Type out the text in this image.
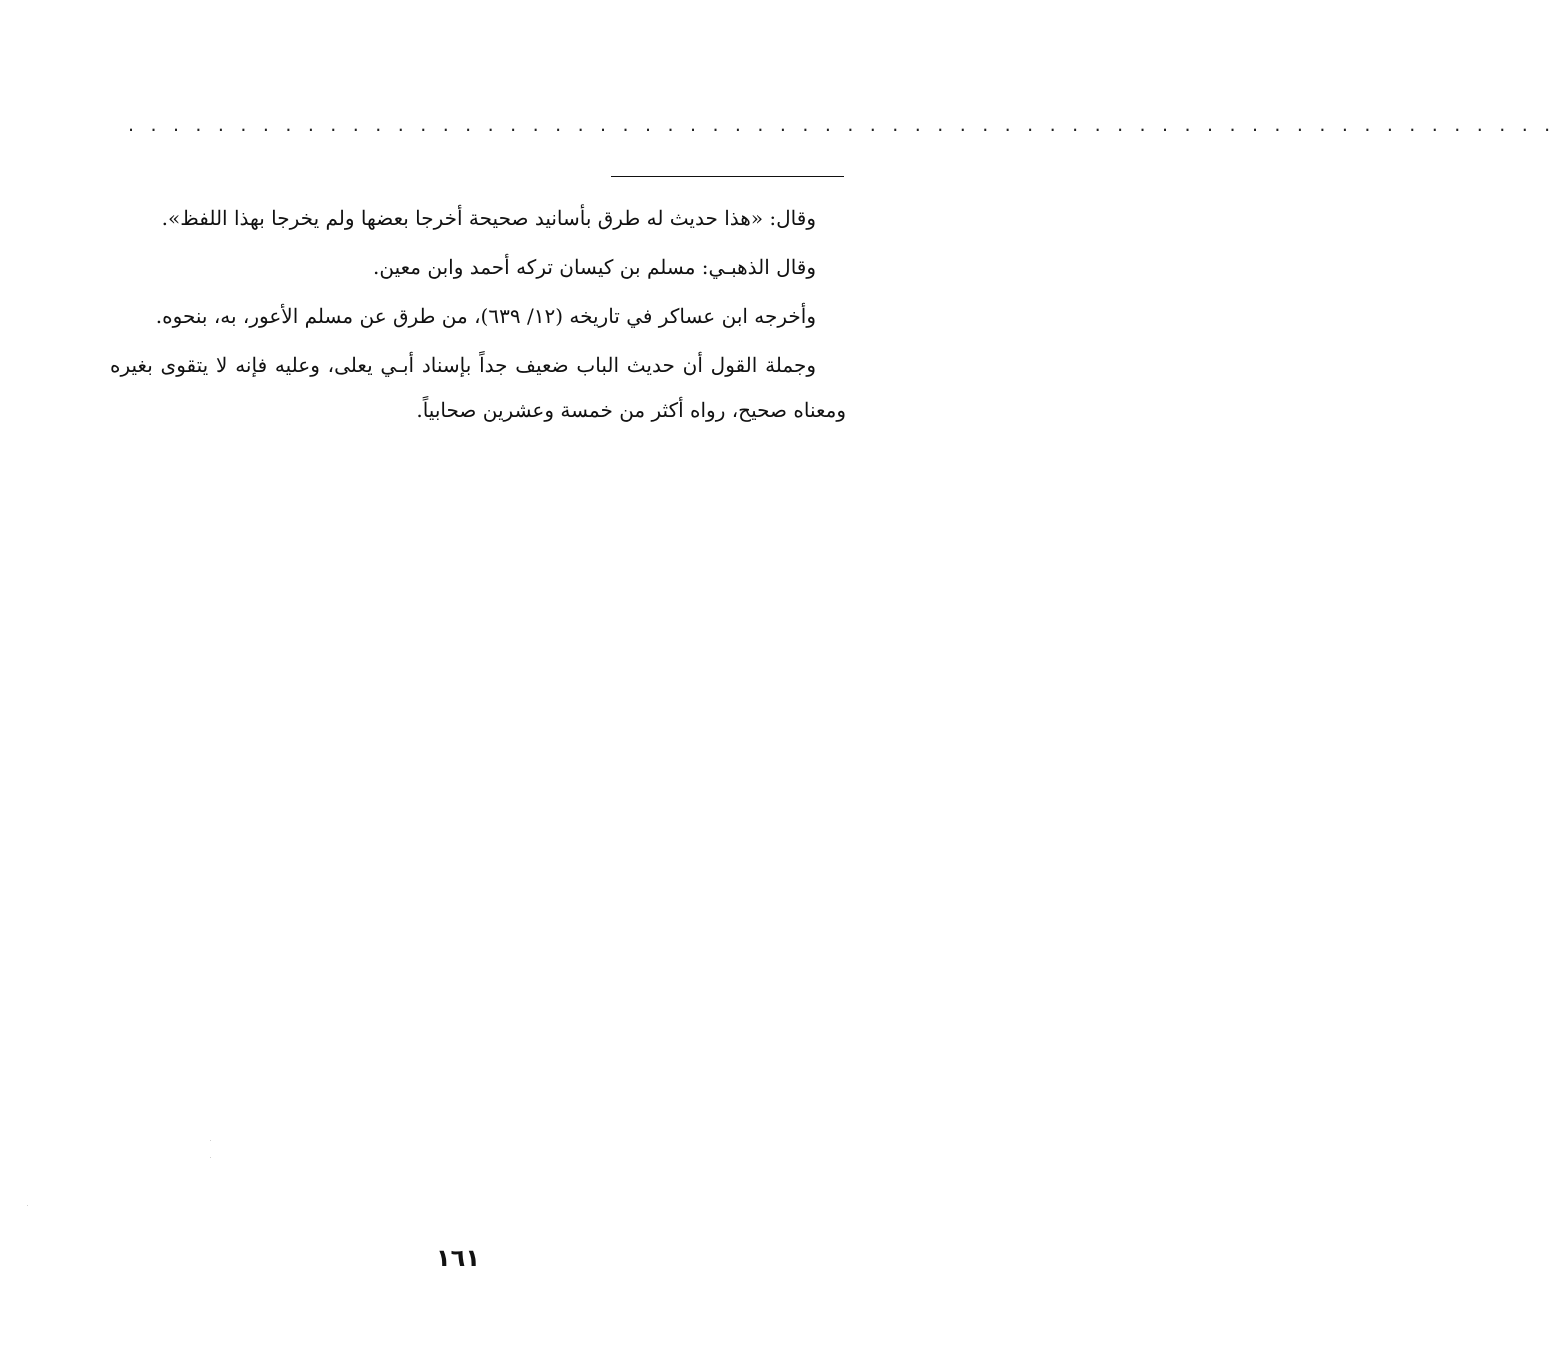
. . . . . . . . . . . . . . . . . . . . . . . . . . . . . . . . . . . . . . . . . . . . . . . . . . . . . . . . . . . . . . . .

وقال: «هذا حديث له طرق بأسانيد صحيحة أخرجا بعضها ولم يخرجا بهذا اللفظ».

وقال الذهبـي: مسلم بن كيسان تركه أحمد وابن معين.

وأخرجه ابن عساكر في تاريخه (١٢/ ٦٣٩)، من طرق عن مسلم الأعور، به، بنحوه.

وجملة القول أن حديث الباب ضعيف جداً بإسناد أبـي يعلى، وعليه فإنه لا يتقوى بغيره ومعناه صحيح، رواه أكثر من خمسة وعشرين صحابياً.

١٦١
